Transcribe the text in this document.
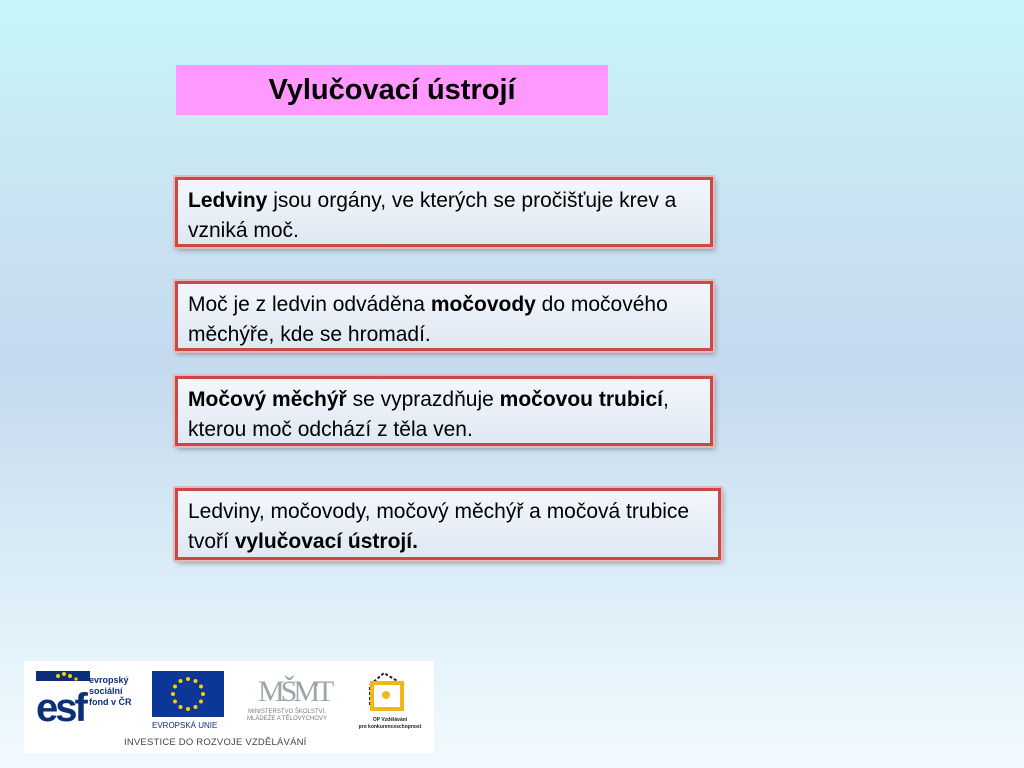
Vylučovací ústrojí
Ledviny jsou orgány, ve kterých se pročišťuje krev a vzniká moč.
Moč je z ledvin odváděna močovody do močového měchýře, kde se hromadí.
Močový měchýř se vyprazdňuje močovou trubicí, kterou moč odchází z těla ven.
Ledviny, močovody, močový měchýř a močová trubice tvoří vylučovací ústrojí.
esf
evropský
sociální
fond v ČR
EVROPSKÁ UNIE
MŠMT
MINISTERSTVO ŠKOLSTVÍ,
MLÁDEŽE A TĚLOVÝCHOVY	OP Vzdělávání
pro konkurenceschopnost
INVESTICE DO ROZVOJE VZDĚLÁVÁNÍ
